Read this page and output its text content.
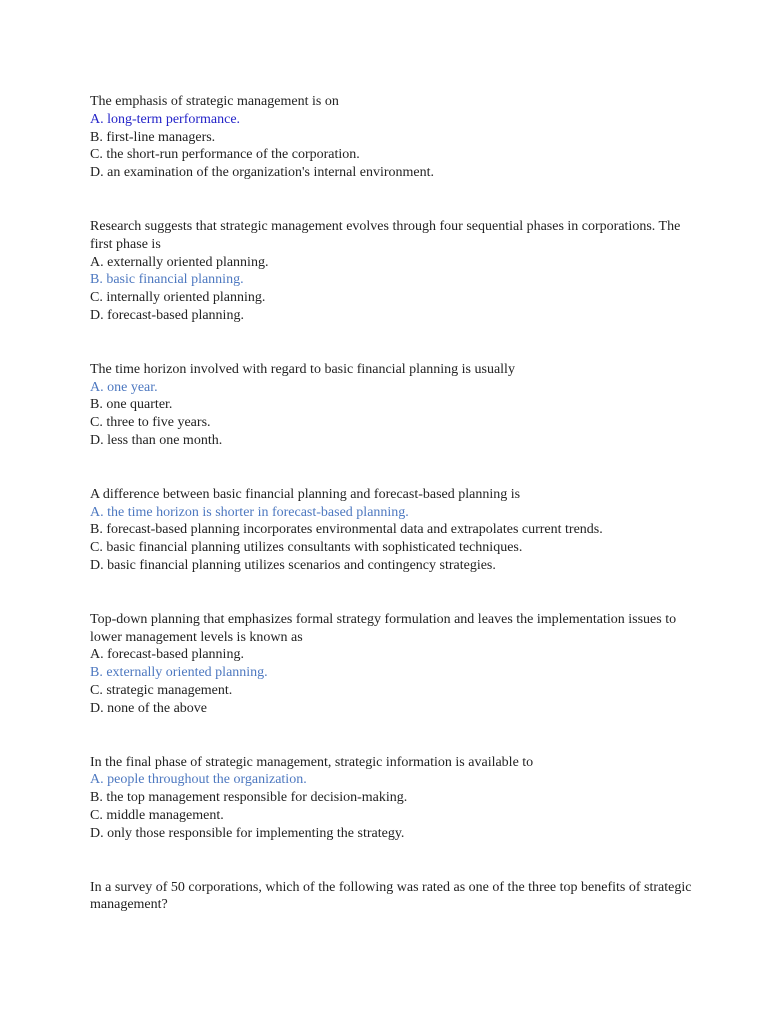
The emphasis of strategic management is on
A. long-term performance.
B. first-line managers.
C. the short-run performance of the corporation.
D. an examination of the organization's internal environment.
Research suggests that strategic management evolves through four sequential phases in corporations. The first phase is
A. externally oriented planning.
B. basic financial planning.
C. internally oriented planning.
D. forecast-based planning.
The time horizon involved with regard to basic financial planning is usually
A. one year.
B. one quarter.
C. three to five years.
D. less than one month.
A difference between basic financial planning and forecast-based planning is
A. the time horizon is shorter in forecast-based planning.
B. forecast-based planning incorporates environmental data and extrapolates current trends.
C. basic financial planning utilizes consultants with sophisticated techniques.
D. basic financial planning utilizes scenarios and contingency strategies.
Top-down planning that emphasizes formal strategy formulation and leaves the implementation issues to lower management levels is known as
A. forecast-based planning.
B. externally oriented planning.
C. strategic management.
D. none of the above
In the final phase of strategic management, strategic information is available to
A. people throughout the organization.
B. the top management responsible for decision-making.
C. middle management.
D. only those responsible for implementing the strategy.
In a survey of 50 corporations, which of the following was rated as one of the three top benefits of strategic management?
